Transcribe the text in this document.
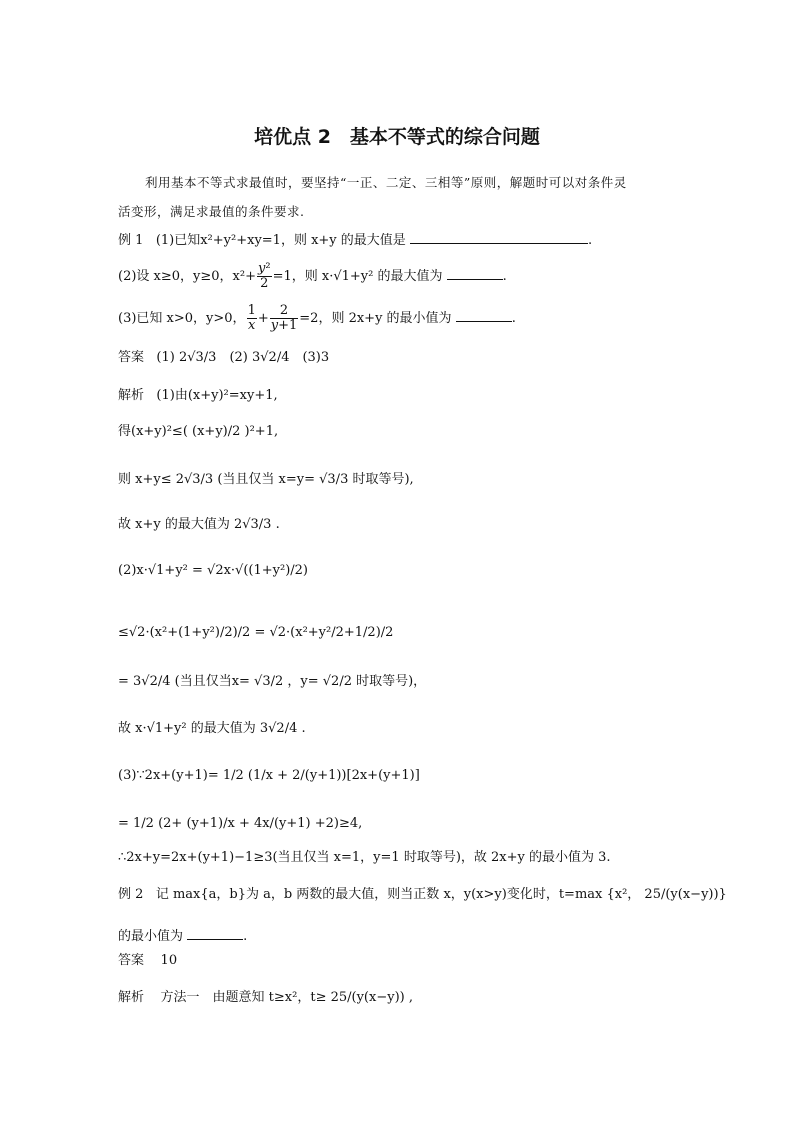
培优点 2　基本不等式的综合问题
利用基本不等式求最值时，要坚持“一正、二定、三相等”原则，解题时可以对条件灵
活变形，满足求最值的条件要求.
例 1 (1)已知x²+y²+xy=1，则 x+y 的最大值是	.
(2)设 x≥0，y≥0，$x^2+ \frac{\text{y²}}{2} =1$，则 x·√1+y² 的最大值为	.
(3)已知 x>0，y>0， $\frac{1}{x} + \frac{2}{y+1} =2$，则 2x+y 的最小值为	.
答案 (1) 2√3/3　(2) 3√2/4　(3)3
解析 (1)由(x+y)²=xy+1,
得(x+y)²≤( (x+y)/2 )²+1,
则 x+y≤ 2√3/3 (当且仅当 x=y= √3/3 时取等号),
故 x+y 的最大值为 2√3/3 .
(2)x·√1+y² = √2x·√((1+y²)/2)
≤√2·(x²+(1+y²)/2)/2 = √2·(x²+y²/2+1/2)/2
= 3√2/4 (当且仅当x= √3/2 ，y= √2/2 时取等号)，
故 x·√1+y² 的最大值为 3√2/4 .
(3)∵2x+(y+1)= 1/2 (1/x + 2/(y+1))[2x+(y+1)]
= 1/2 (2+ (y+1)/x + 4x/(y+1) +2)≥4,
∴2x+y=2x+(y+1)−1≥3(当且仅当 x=1，y=1 时取等号)，故 2x+y 的最小值为 3.
例 2 记 max{a，b}为 a，b 两数的最大值，则当正数 x，y(x>y)变化时，t=max {x²， 25/(y(x−y))}
的最小值为	.
答案 10
解析 方法一　由题意知 t≥x²，t≥ 25/(y(x−y)) ,
